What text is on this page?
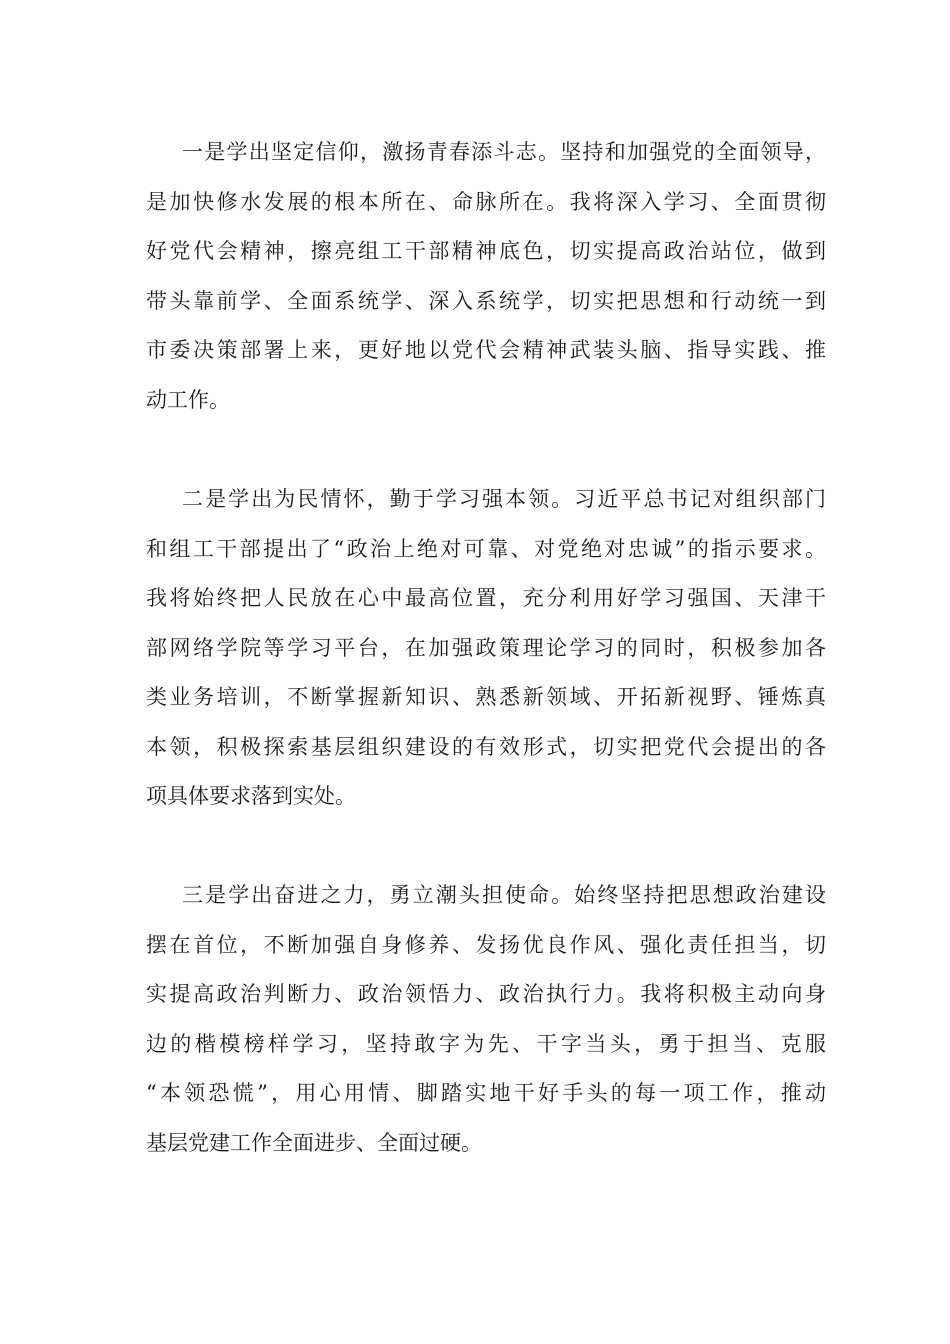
一是学出坚定信仰，激扬青春添斗志。坚持和加强党的全面领导，
是加快修水发展的根本所在、命脉所在。我将深入学习、全面贯彻
好党代会精神，擦亮组工干部精神底色，切实提高政治站位，做到
带头靠前学、全面系统学、深入系统学，切实把思想和行动统一到
市委决策部署上来，更好地以党代会精神武装头脑、指导实践、推
动工作。
二是学出为民情怀，勤于学习强本领。习近平总书记对组织部门
和组工干部提出了“政治上绝对可靠、对党绝对忠诚”的指示要求。
我将始终把人民放在心中最高位置，充分利用好学习强国、天津干
部网络学院等学习平台，在加强政策理论学习的同时，积极参加各
类业务培训，不断掌握新知识、熟悉新领域、开拓新视野、锤炼真
本领，积极探索基层组织建设的有效形式，切实把党代会提出的各
项具体要求落到实处。
三是学出奋进之力，勇立潮头担使命。始终坚持把思想政治建设
摆在首位，不断加强自身修养、发扬优良作风、强化责任担当，切
实提高政治判断力、政治领悟力、政治执行力。我将积极主动向身
边的楷模榜样学习，坚持敢字为先、干字当头，勇于担当、克服
“本领恐慌”，用心用情、脚踏实地干好手头的每一项工作，推动
基层党建工作全面进步、全面过硬。
